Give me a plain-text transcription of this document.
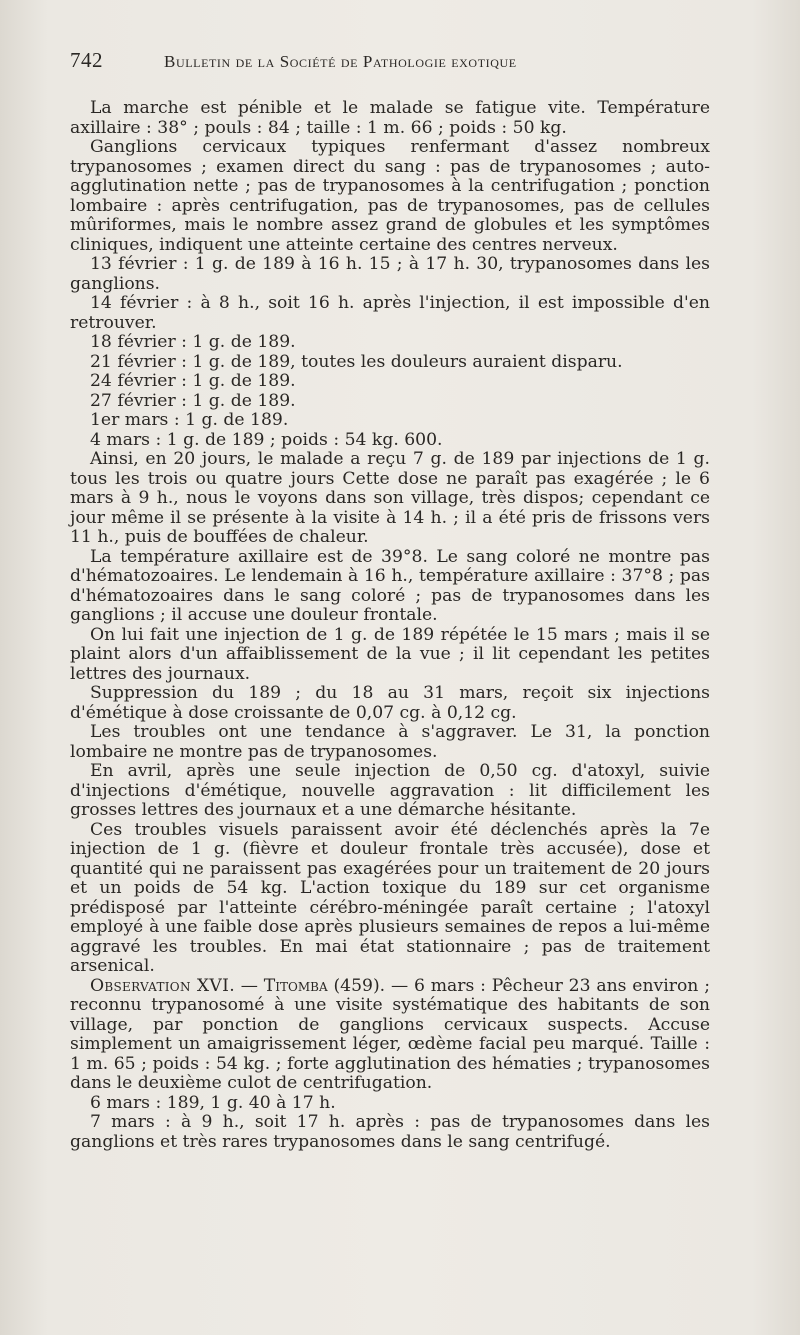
742	Bulletin de la Société de Pathologie exotique

La marche est pénible et le malade se fatigue vite. Température axillaire : 38° ; pouls : 84 ; taille : 1 m. 66 ; poids : 50 kg.

Ganglions cervicaux typiques renfermant d'assez nombreux trypanosomes ; examen direct du sang : pas de trypanosomes ; auto-agglutination nette ; pas de trypanosomes à la centrifugation ; ponction lombaire : après centrifugation, pas de trypanosomes, pas de cellules mûriformes, mais le nombre assez grand de globules et les symptômes cliniques, indiquent une atteinte certaine des centres nerveux.

13 février : 1 g. de 189 à 16 h. 15 ; à 17 h. 30, trypanosomes dans les ganglions.

14 février : à 8 h., soit 16 h. après l'injection, il est impossible d'en retrouver.

18 février : 1 g. de 189.

21 février : 1 g. de 189, toutes les douleurs auraient disparu.

24 février : 1 g. de 189.

27 février : 1 g. de 189.

1er mars : 1 g. de 189.

4 mars : 1 g. de 189 ; poids : 54 kg. 600.

Ainsi, en 20 jours, le malade a reçu 7 g. de 189 par injections de 1 g. tous les trois ou quatre jours Cette dose ne paraît pas exagérée ; le 6 mars à 9 h., nous le voyons dans son village, très dispos; cependant ce jour même il se présente à la visite à 14 h. ; il a été pris de frissons vers 11 h., puis de bouffées de chaleur.

La température axillaire est de 39°8. Le sang coloré ne montre pas d'hématozoaires. Le lendemain à 16 h., température axillaire : 37°8 ; pas d'hématozoaires dans le sang coloré ; pas de trypanosomes dans les ganglions ; il accuse une douleur frontale.

On lui fait une injection de 1 g. de 189 répétée le 15 mars ; mais il se plaint alors d'un affaiblissement de la vue ; il lit cependant les petites lettres des journaux.

Suppression du 189 ; du 18 au 31 mars, reçoit six injections d'émétique à dose croissante de 0,07 cg. à 0,12 cg.

Les troubles ont une tendance à s'aggraver. Le 31, la ponction lombaire ne montre pas de trypanosomes.

En avril, après une seule injection de 0,50 cg. d'atoxyl, suivie d'injections d'émétique, nouvelle aggravation : lit difficilement les grosses lettres des journaux et a une démarche hésitante.

Ces troubles visuels paraissent avoir été déclenchés après la 7e injection de 1 g. (fièvre et douleur frontale très accusée), dose et quantité qui ne paraissent pas exagérées pour un traitement de 20 jours et un poids de 54 kg. L'action toxique du 189 sur cet organisme prédisposé par l'atteinte cérébro-méningée paraît certaine ; l'atoxyl employé à une faible dose après plusieurs semaines de repos a lui-même aggravé les troubles. En mai état stationnaire ; pas de traitement arsenical.

Observation XVI. — Titomba (459). — 6 mars : Pêcheur 23 ans environ ; reconnu trypanosomé à une visite systématique des habitants de son village, par ponction de ganglions cervicaux suspects. Accuse simplement un amaigrissement léger, œdème facial peu marqué. Taille : 1 m. 65 ; poids : 54 kg. ; forte agglutination des hématies ; trypanosomes dans le deuxième culot de centrifugation.

6 mars : 189, 1 g. 40 à 17 h.

7 mars : à 9 h., soit 17 h. après : pas de trypanosomes dans les ganglions et très rares trypanosomes dans le sang centrifugé.
